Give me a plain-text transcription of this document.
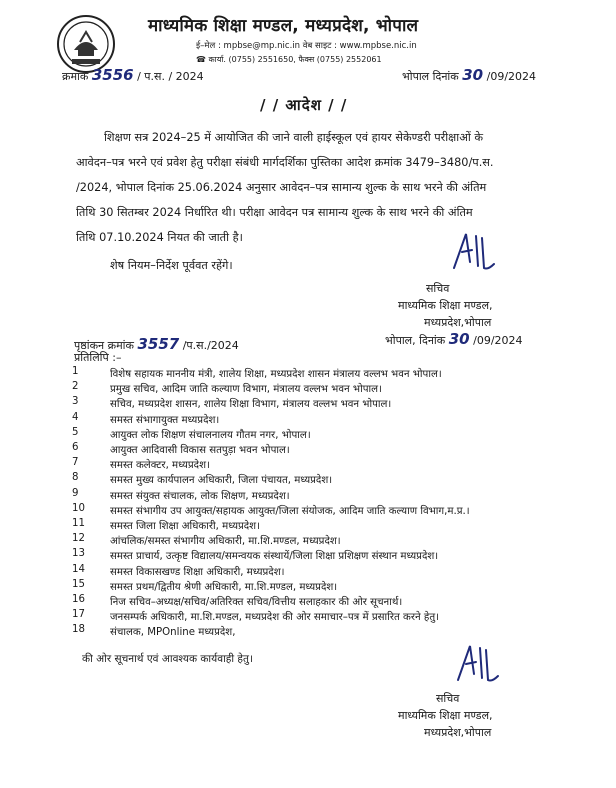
माध्यमिक शिक्षा मण्डल, मध्यप्रदेश, भोपाल
ई–मेल : mpbse@mp.nic.in वेब साइट : www.mpbse.nic.in
☎ कार्या. (0755) 2551650, फैक्स (0755) 2552061
क्रमांक 3556 / प.स. / 2024	भोपाल दिनांक 30 /09/2024
/ / आदेश / /
शिक्षण सत्र 2024–25 में आयोजित की जाने वाली हाईस्कूल एवं हायर सेकेण्डरी परीक्षाओं के
आवेदन–पत्र भरने एवं प्रवेश हेतु परीक्षा संबंधी मार्गदर्शिका पुस्तिका आदेश क्रमांक 3479–3480/प.स.
/2024, भोपाल दिनांक 25.06.2024 अनुसार आवेदन–पत्र सामान्य शुल्क के साथ भरने की अंतिम
तिथि 30 सितम्बर 2024 निर्धारित थी। परीक्षा आवेदन पत्र सामान्य शुल्क के साथ भरने की अंतिम
तिथि 07.10.2024 नियत की जाती है।
शेष नियम–निर्देश पूर्ववत रहेंगे।
सचिव
माध्यमिक शिक्षा मण्डल,
मध्यप्रदेश,भोपाल
भोपाल, दिनांक 30 /09/2024
पृष्ठांकन क्रमांक 3557 /प.स./2024
प्रतिलिपि :–
1	विशेष सहायक माननीय मंत्री, शालेय शिक्षा, मध्यप्रदेश शासन मंत्रालय वल्लभ भवन भोपाल।
2	प्रमुख सचिव, आदिम जाति कल्याण विभाग, मंत्रालय वल्लभ भवन भोपाल।
3	सचिव, मध्यप्रदेश शासन, शालेय शिक्षा विभाग, मंत्रालय वल्लभ भवन भोपाल।
4	समस्त संभागायुक्त मध्यप्रदेश।
5	आयुक्त लोक शिक्षण संचालनालय गौतम नगर, भोपाल।
6	आयुक्त आदिवासी विकास सतपुड़ा भवन भोपाल।
7	समस्त कलेक्टर, मध्यप्रदेश।
8	समस्त मुख्य कार्यपालन अधिकारी, जिला पंचायत, मध्यप्रदेश।
9	समस्त संयुक्त संचालक, लोक शिक्षण, मध्यप्रदेश।
10	समस्त संभागीय उप आयुक्त/सहायक आयुक्त/जिला संयोजक, आदिम जाति कल्याण विभाग,म.प्र.।
11	समस्त जिला शिक्षा अधिकारी, मध्यप्रदेश।
12	आंचलिक/समस्त संभागीय अधिकारी, मा.शि.मण्डल, मध्यप्रदेश।
13	समस्त प्राचार्य, उत्कृष्ट विद्यालय/समन्वयक संस्थायें/जिला शिक्षा प्रशिक्षण संस्थान मध्यप्रदेश।
14	समस्त विकासखण्ड शिक्षा अधिकारी, मध्यप्रदेश।
15	समस्त प्रथम/द्वितीय श्रेणी अधिकारी, मा.शि.मण्डल, मध्यप्रदेश।
16	निज सचिव–अध्यक्ष/सचिव/अतिरिक्त सचिव/वित्तीय सलाहकार की ओर सूचनार्थ।
17	जनसम्पर्क अधिकारी, मा.शि.मण्डल, मध्यप्रदेश की ओर समाचार–पत्र में प्रसारित करने हेतु।
18	संचालक, MPOnline मध्यप्रदेश,
की ओर सूचनार्थ एवं आवश्यक कार्यवाही हेतु।
सचिव
माध्यमिक शिक्षा मण्डल,
मध्यप्रदेश,भोपाल
